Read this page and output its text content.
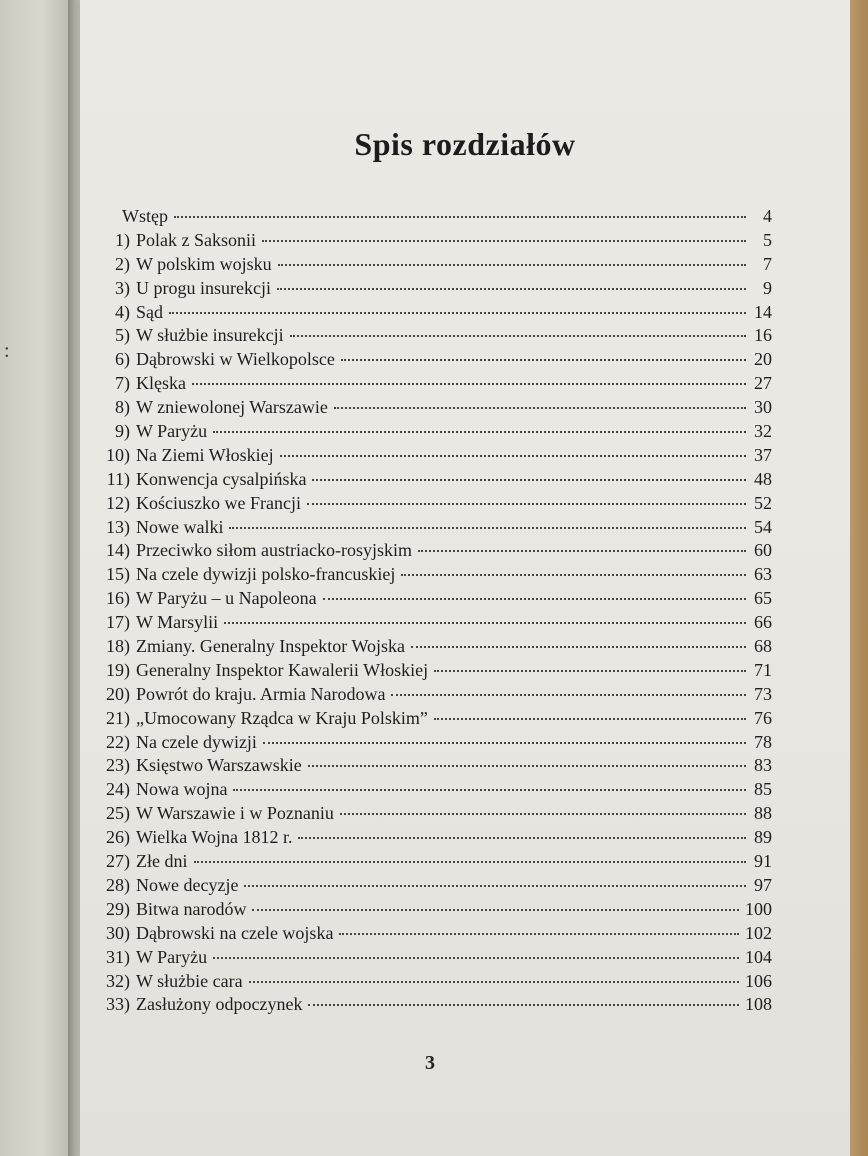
:
Spis rozdziałów
Wstęp	4
1) Polak z Saksonii	5
2) W polskim wojsku	7
3) U progu insurekcji	9
4) Sąd	14
5) W służbie insurekcji	16
6) Dąbrowski w Wielkopolsce	20
7) Klęska	27
8) W zniewolonej Warszawie	30
9) W Paryżu	32
10) Na Ziemi Włoskiej	37
11) Konwencja cysalpińska	48
12) Kościuszko we Francji	52
13) Nowe walki	54
14) Przeciwko siłom austriacko-rosyjskim	60
15) Na czele dywizji polsko-francuskiej	63
16) W Paryżu – u Napoleona	65
17) W Marsylii	66
18) Zmiany. Generalny Inspektor Wojska	68
19) Generalny Inspektor Kawalerii Włoskiej	71
20) Powrót do kraju. Armia Narodowa	73
21) „Umocowany Rządca w Kraju Polskim”	76
22) Na czele dywizji	78
23) Księstwo Warszawskie	83
24) Nowa wojna	85
25) W Warszawie i w Poznaniu	88
26) Wielka Wojna 1812 r.	89
27) Złe dni	91
28) Nowe decyzje	97
29) Bitwa narodów	100
30) Dąbrowski na czele wojska	102
31) W Paryżu	104
32) W służbie cara	106
33) Zasłużony odpoczynek	108
3
